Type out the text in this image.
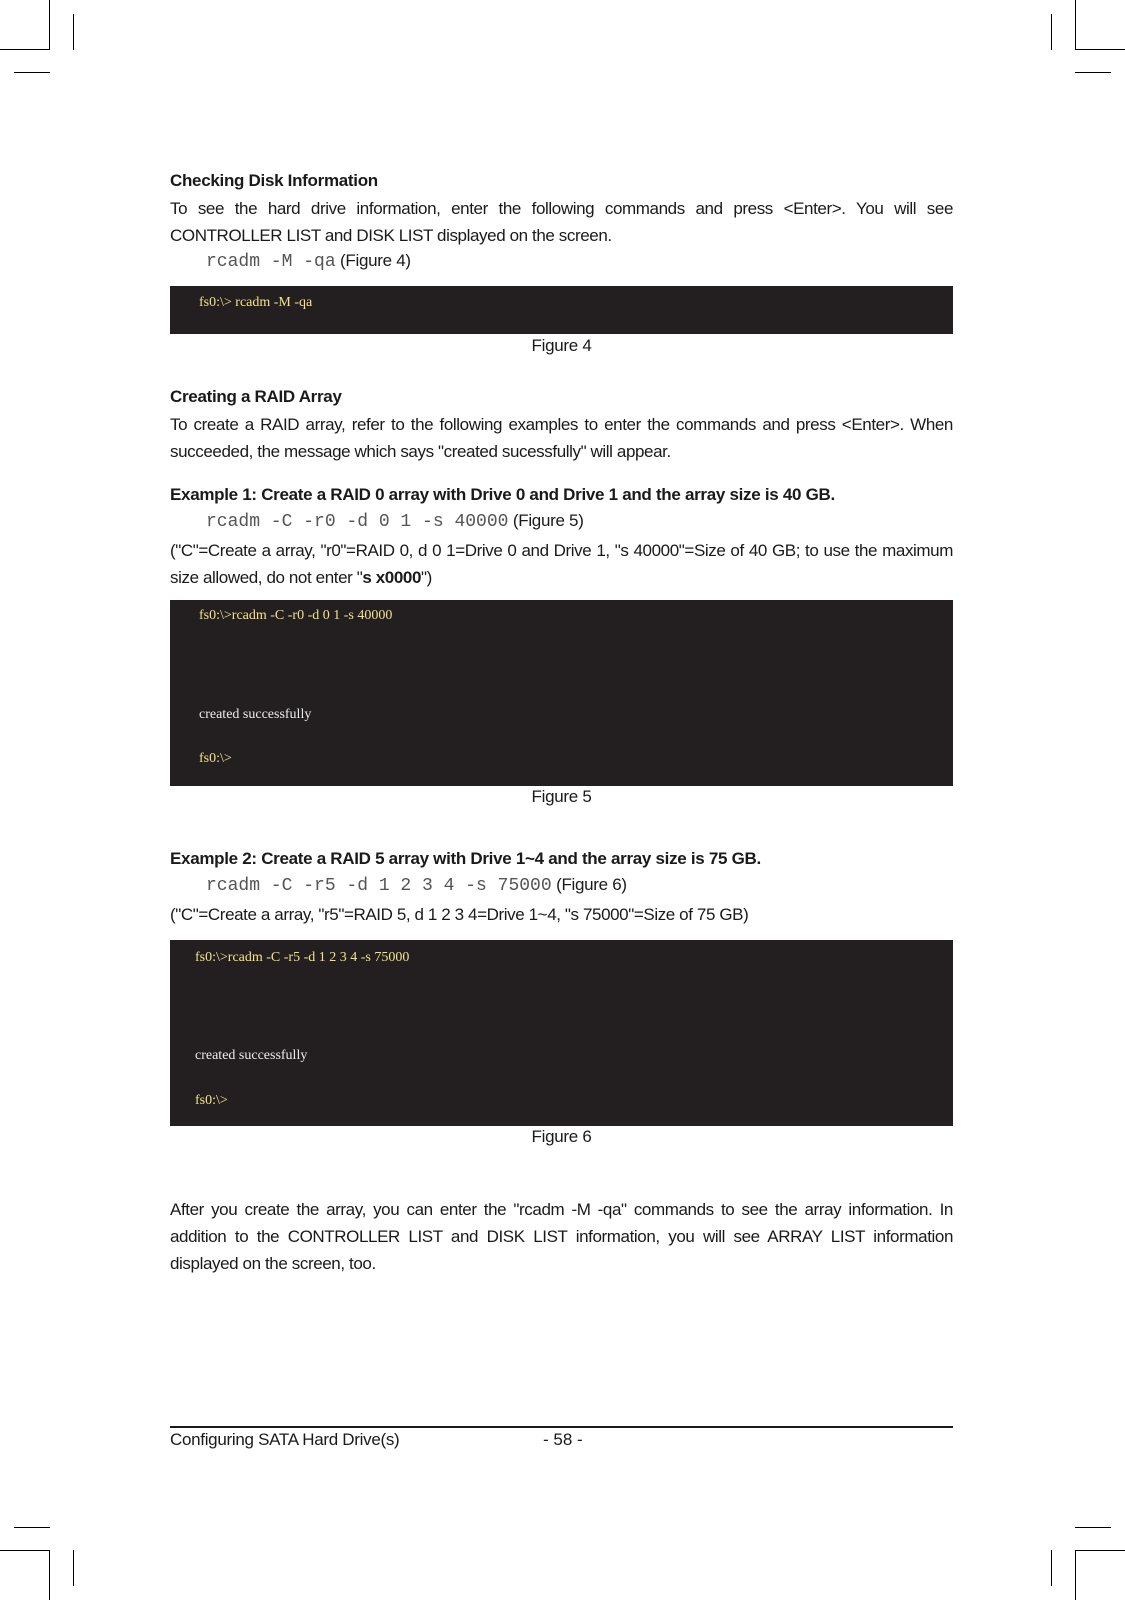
Checking Disk Information
To see the hard drive information, enter the following commands and press <Enter>. You will see CONTROLLER LIST and DISK LIST displayed on the screen.
rcadm -M -qa (Figure 4)
fs0:\> rcadm -M -qa
Figure 4
Creating a RAID Array
To create a RAID array, refer to the following examples to enter the commands and press <Enter>. When succeeded, the message which says "created sucessfully" will appear.
Example 1: Create a RAID 0 array with Drive 0 and Drive 1 and the array size is 40 GB.
rcadm -C -r0 -d 0 1 -s 40000 (Figure 5)
("C"=Create a array, "r0"=RAID 0, d 0 1=Drive 0 and Drive 1, "s 40000"=Size of 40 GB; to use the maximum size allowed, do not enter "s x0000")
fs0:\>rcadm -C -r0 -d 0 1 -s 40000
created successfully
fs0:\>
Figure 5
Example 2: Create a RAID 5 array with Drive 1~4 and the array size is 75 GB.
rcadm -C -r5 -d 1 2 3 4 -s 75000 (Figure 6)
("C"=Create a array, "r5"=RAID 5, d 1 2 3 4=Drive 1~4, "s 75000"=Size of 75 GB)
fs0:\>rcadm -C -r5 -d 1 2 3 4 -s 75000
created successfully
fs0:\>
Figure 6
After you create the array, you can enter the "rcadm -M -qa" commands to see the array information. In addition to the CONTROLLER LIST and DISK LIST information, you will see ARRAY LIST information displayed on the screen, too.
Configuring SATA Hard Drive(s)	- 58 -
